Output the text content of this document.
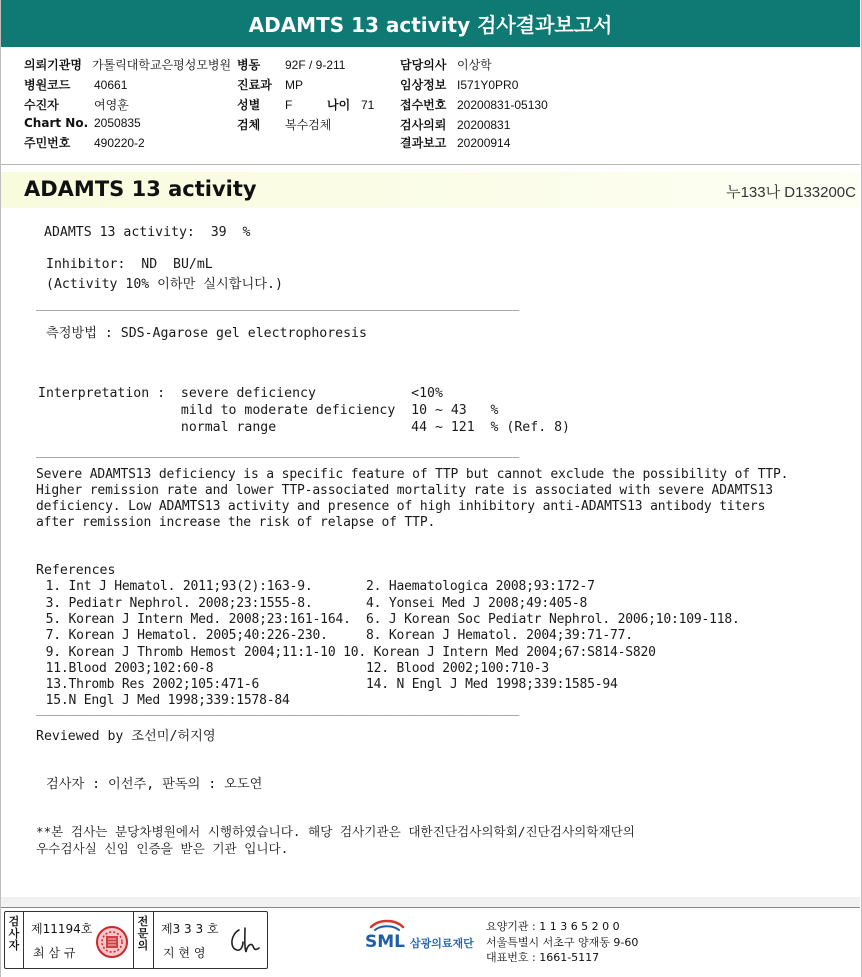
ADAMTS 13 activity 검사결과보고서
의뢰기관명 가톨릭대학교은평성모병원 병동 92F / 9-211	담당의사 이상학
병원코드 40661	진료과 MP	임상정보 I571Y0PR0
수진자	여영훈	성별 F	나이 71 접수번호 20200831-05130
Chart No. 2050835	검체 복수검체	검사의뢰 20200831
주민번호 490220-2	결과보고 20200914
ADAMTS 13 activity	누133나 D133200C
ADAMTS 13 activity:  39  %
Inhibitor:  ND  BU/mL
(Activity 10% 이하만 실시합니다.)
______________________________________________________________________________________
측정방법 : SDS-Agarose gel electrophoresis
Interpretation :  severe deficiency            <10%
mild to moderate deficiency  10 ~ 43   %
normal range                 44 ~ 121  % (Ref. 8)
______________________________________________________________________________________
Severe ADAMTS13 deficiency is a specific feature of TTP but cannot exclude the possibility of TTP.
Higher remission rate and lower TTP-associated mortality rate is associated with severe ADAMTS13
deficiency. Low ADAMTS13 activity and presence of high inhibitory anti-ADAMTS13 antibody titers
after remission increase the risk of relapse of TTP.
References
1. Int J Hematol. 2011;93(2):163-9.       2. Haematologica 2008;93:172-7
3. Pediatr Nephrol. 2008;23:1555-8.       4. Yonsei Med J 2008;49:405-8
5. Korean J Intern Med. 2008;23:161-164.  6. J Korean Soc Pediatr Nephrol. 2006;10:109-118.
7. Korean J Hematol. 2005;40:226-230.     8. Korean J Hematol. 2004;39:71-77.
9. Korean J Thromb Hemost 2004;11:1-10 10. Korean J Intern Med 2004;67:S814-S820
11.Blood 2003;102:60-8                    12. Blood 2002;100:710-3
13.Thromb Res 2002;105:471-6              14. N Engl J Med 1998;339:1585-94
15.N Engl J Med 1998;339:1578-84
______________________________________________________________________________________
Reviewed by 조선미/허지영
검사자 : 이선주, 판독의 : 오도연
**본 검사는 분당차병원에서 시행하였습니다. 해당 검사기관은 대한진단검사의학회/진단검사의학재단의
우수검사실 신임 인증을 받은 기관 입니다.
검
사
자
제11194호
최 삼 규
전
문
의
제3 3 3 호
지 현 영
SML 삼광의료재단
요양기관 : 1 1 3 6 5 2 0 0
서울특별시 서초구 양재동 9-60
대표번호 : 1661-5117
